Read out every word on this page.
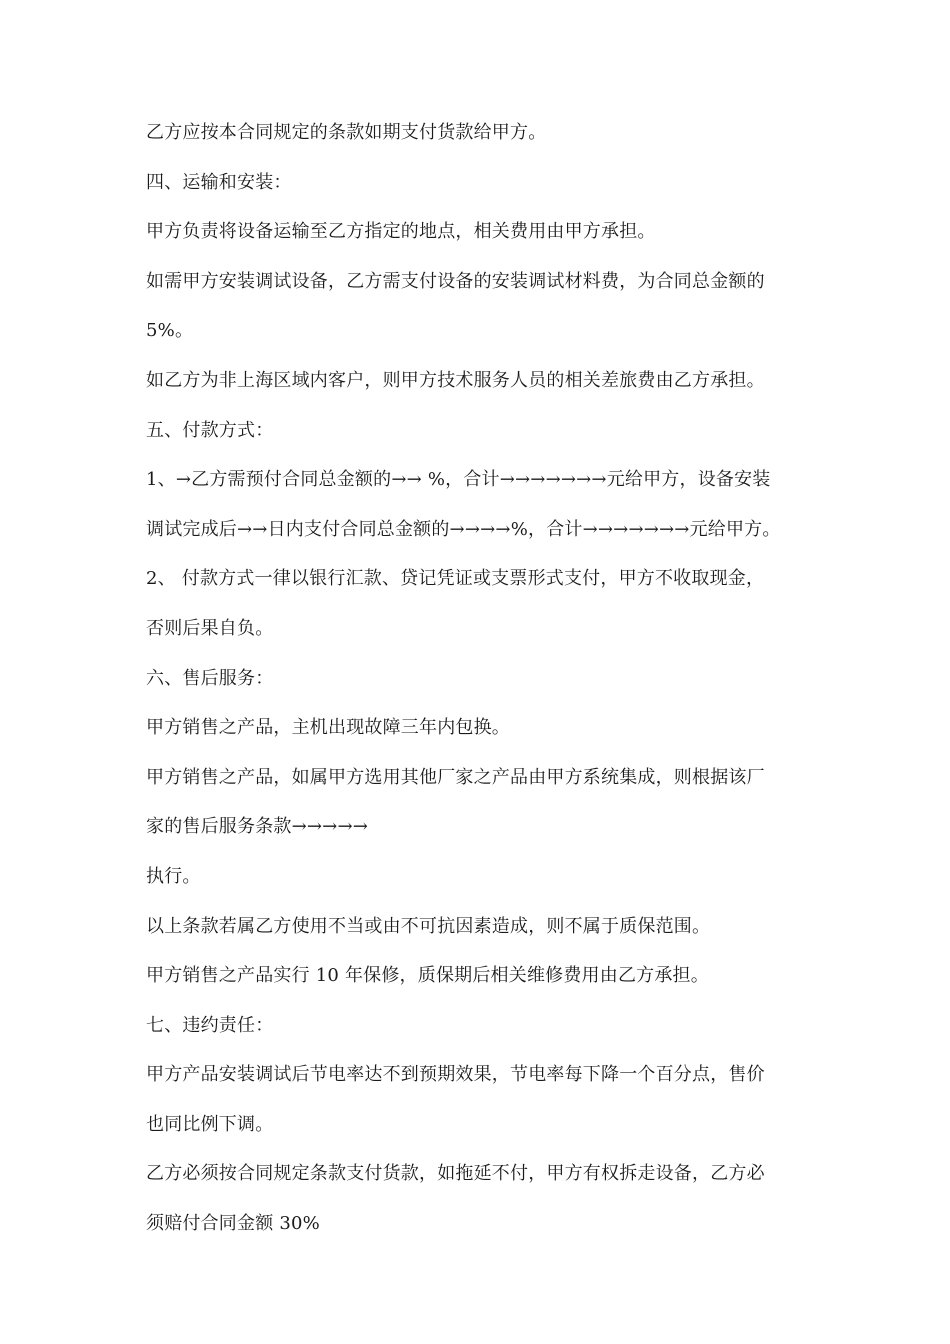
乙方应按本合同规定的条款如期支付货款给甲方。
四、运输和安装：
甲方负责将设备运输至乙方指定的地点，相关费用由甲方承担。
如需甲方安装调试设备，乙方需支付设备的安装调试材料费，为合同总金额的
5%。
如乙方为非上海区域内客户，则甲方技术服务人员的相关差旅费由乙方承担。
五、付款方式：
1、→乙方需预付合同总金额的→→ %，合计→→→→→→→元给甲方，设备安装
调试完成后→→日内支付合同总金额的→→→→%，合计→→→→→→→元给甲方。
2、 付款方式一律以银行汇款、贷记凭证或支票形式支付，甲方不收取现金，
否则后果自负。
六、售后服务：
甲方销售之产品，主机出现故障三年内包换。
甲方销售之产品，如属甲方选用其他厂家之产品由甲方系统集成，则根据该厂
家的售后服务条款→→→→→
执行。
以上条款若属乙方使用不当或由不可抗因素造成，则不属于质保范围。
甲方销售之产品实行 10 年保修，质保期后相关维修费用由乙方承担。
七、违约责任：
甲方产品安装调试后节电率达不到预期效果，节电率每下降一个百分点，售价
也同比例下调。
乙方必须按合同规定条款支付货款，如拖延不付，甲方有权拆走设备，乙方必
须赔付合同金额 30%
